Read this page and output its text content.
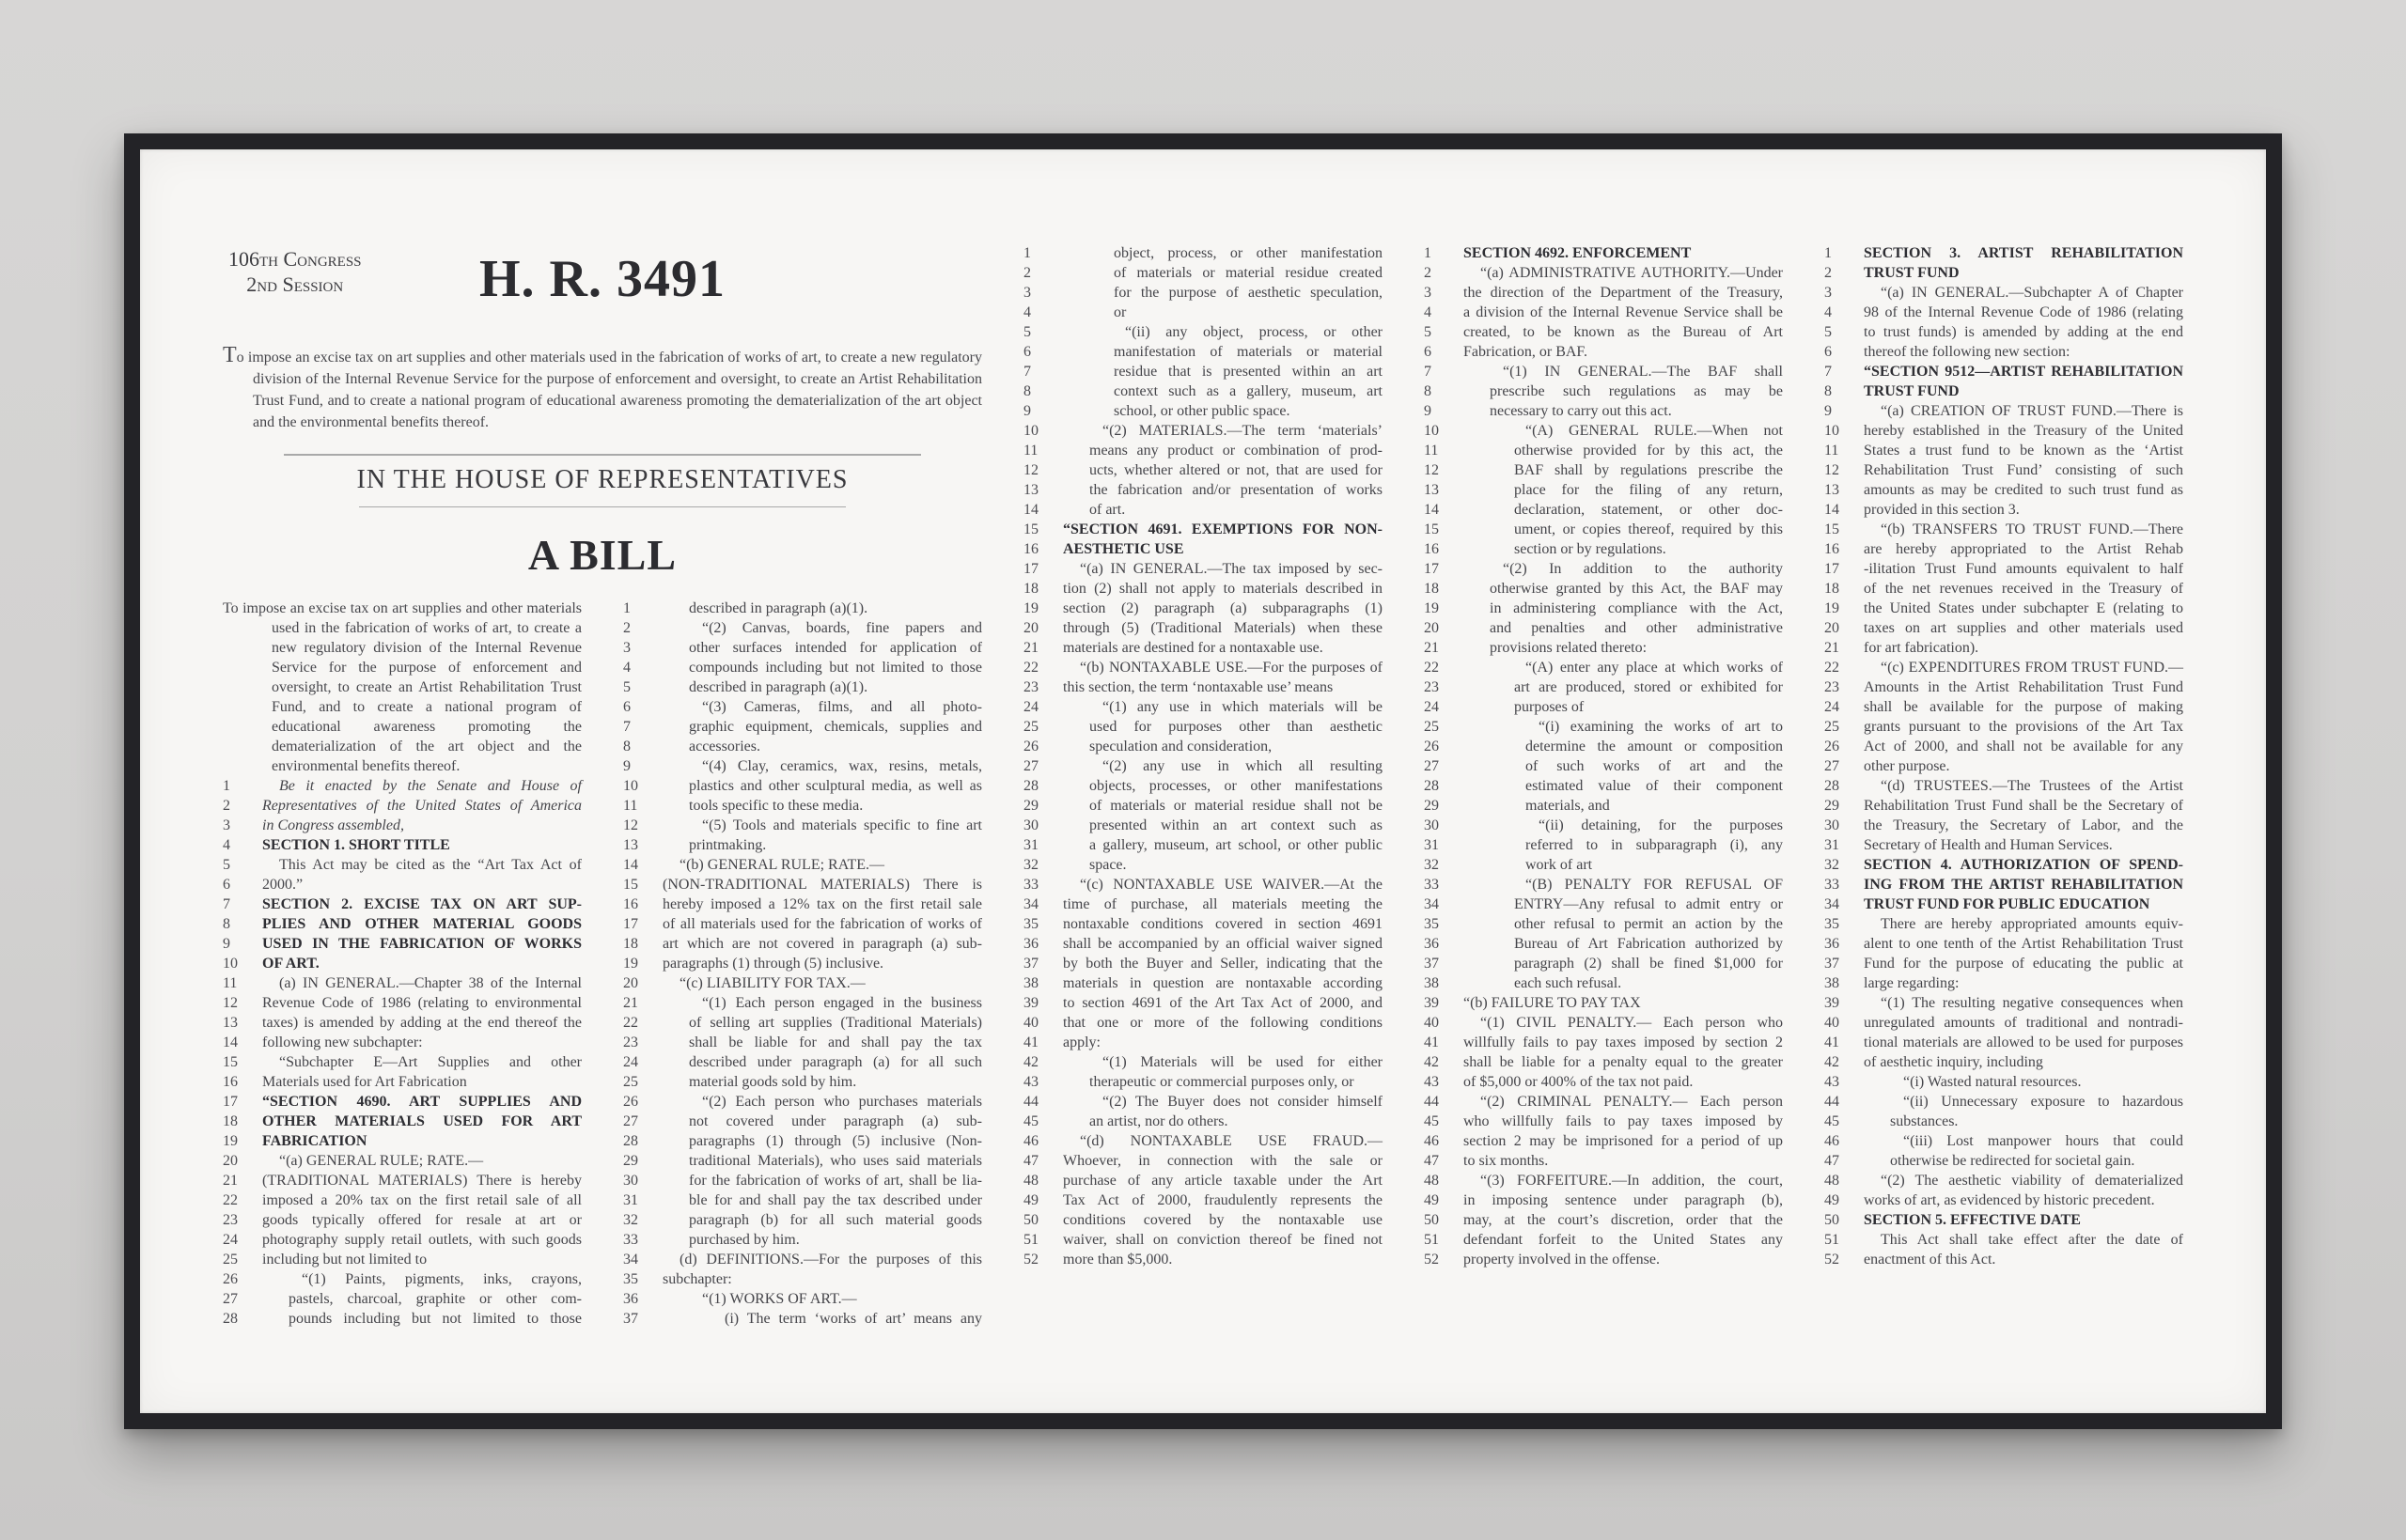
106th Congress
2nd Session	H. R. 3491

To impose an excise tax on art supplies and other materials used in the fabrication of works of art, to create a new regulatory division of the Internal Revenue Service for the purpose of enforcement and oversight, to create an Artist Rehabilitation Trust Fund, and to create a national program of educational awareness promoting the dematerialization of the art object and the environmental benefits thereof.

IN THE HOUSE OF REPRESENTATIVES
A BILL

To impose an excise tax on art supplies and other materials used in the fabrication of works of art, to create a new regulatory division of the Internal Revenue Service for the purpose of enforcement and oversight, to create an Artist Rehabilitation Trust Fund, and to create a national program of educational awareness promoting the dematerialization of the art object and the environmental benefits thereof.

1	Be it enacted by the Senate and House of
2	Representatives of the United States of America
3	in Congress assembled,
4	SECTION 1. SHORT TITLE
5	This Act may be cited as the “Art Tax Act of
6	2000.”
7	SECTION 2. EXCISE TAX ON ART SUP-
8	PLIES AND OTHER MATERIAL GOODS
9	USED IN THE FABRICATION OF WORKS
10	OF ART.
11	(a) IN GENERAL.—Chapter 38 of the Internal
12	Revenue Code of 1986 (relating to environmental
13	taxes) is amended by adding at the end thereof the
14	following new subchapter:
15	“Subchapter E—Art Supplies and other
16	Materials used for Art Fabrication
17	“SECTION 4690. ART SUPPLIES AND
18	OTHER MATERIALS USED FOR ART
19	FABRICATION
20	“(a) GENERAL RULE; RATE.—
21	(TRADITIONAL MATERIALS) There is hereby
22	imposed a 20% tax on the first retail sale of all
23	goods typically offered for resale at art or
24	photography supply retail outlets, with such goods
25	including but not limited to
26	“(1) Paints, pigments, inks, crayons,
27	pastels, charcoal, graphite or other com-
28	pounds including but not limited to those
1	described in paragraph (a)(1).
2	“(2) Canvas, boards, fine papers and
3	other surfaces intended for application of
4	compounds including but not limited to those
5	described in paragraph (a)(1).
6	“(3) Cameras, films, and all photo-
7	graphic equipment, chemicals, supplies and
8	accessories.
9	“(4) Clay, ceramics, wax, resins, metals,
10	plastics and other sculptural media, as well as
11	tools specific to these media.
12	“(5) Tools and materials specific to fine art
13	printmaking.
14	“(b) GENERAL RULE; RATE.—
15	(NON-TRADITIONAL MATERIALS) There is
16	hereby imposed a 12% tax on the first retail sale
17	of all materials used for the fabrication of works of
18	art which are not covered in paragraph (a) sub-
19	paragraphs (1) through (5) inclusive.
20	“(c) LIABILITY FOR TAX.—
21	“(1) Each person engaged in the business
22	of selling art supplies (Traditional Materials)
23	shall be liable for and shall pay the tax
24	described under paragraph (a) for all such
25	material goods sold by him.
26	“(2) Each person who purchases materials
27	not covered under paragraph (a) sub-
28	paragraphs (1) through (5) inclusive (Non-
29	traditional Materials), who uses said materials
30	for the fabrication of works of art, shall be lia-
31	ble for and shall pay the tax described under
32	paragraph (b) for all such material goods
33	purchased by him.
34	(d) DEFINITIONS.—For the purposes of this
35	subchapter:
36	“(1) WORKS OF ART.—
37	(i) The term ‘works of art’ means any
1	object, process, or other manifestation
2	of materials or material residue created
3	for the purpose of aesthetic speculation,
4	or
5	“(ii) any object, process, or other
6	manifestation of materials or material
7	residue that is presented within an art
8	context such as a gallery, museum, art
9	school, or other public space.
10	“(2) MATERIALS.—The term ‘materials’
11	means any product or combination of prod-
12	ucts, whether altered or not, that are used for
13	the fabrication and/or presentation of works
14	of art.
15	“SECTION 4691. EXEMPTIONS FOR NON-
16	AESTHETIC USE
17	“(a) IN GENERAL.—The tax imposed by sec-
18	tion (2) shall not apply to materials described in
19	section (2) paragraph (a) subparagraphs (1)
20	through (5) (Traditional Materials) when these
21	materials are destined for a nontaxable use.
22	“(b) NONTAXABLE USE.—For the purposes of
23	this section, the term ‘nontaxable use’ means
24	“(1) any use in which materials will be
25	used for purposes other than aesthetic
26	speculation and consideration,
27	“(2) any use in which all resulting
28	objects, processes, or other manifestations
29	of materials or material residue shall not be
30	presented within an art context such as
31	a gallery, museum, art school, or other public
32	space.
33	“(c) NONTAXABLE USE WAIVER.—At the
34	time of purchase, all materials meeting the
35	nontaxable conditions covered in section 4691
36	shall be accompanied by an official waiver signed
37	by both the Buyer and Seller, indicating that the
38	materials in question are nontaxable according
39	to section 4691 of the Art Tax Act of 2000, and
40	that one or more of the following conditions
41	apply:
42	“(1) Materials will be used for either
43	therapeutic or commercial purposes only, or
44	“(2) The Buyer does not consider himself
45	an artist, nor do others.
46	“(d) NONTAXABLE USE FRAUD.—
47	Whoever, in connection with the sale or
48	purchase of any article taxable under the Art
49	Tax Act of 2000, fraudulently represents the
50	conditions covered by the nontaxable use
51	waiver, shall on conviction thereof be fined not
52	more than $5,000.
1	SECTION 4692. ENFORCEMENT
2	“(a) ADMINISTRATIVE AUTHORITY.—Under
3	the direction of the Department of the Treasury,
4	a division of the Internal Revenue Service shall be
5	created, to be known as the Bureau of Art
6	Fabrication, or BAF.
7	“(1) IN GENERAL.—The BAF shall
8	prescribe such regulations as may be
9	necessary to carry out this act.
10	“(A) GENERAL RULE.—When not
11	otherwise provided for by this act, the
12	BAF shall by regulations prescribe the
13	place for the filing of any return,
14	declaration, statement, or other doc-
15	ument, or copies thereof, required by this
16	section or by regulations.
17	“(2) In addition to the authority
18	otherwise granted by this Act, the BAF may
19	in administering compliance with the Act,
20	and penalties and other administrative
21	provisions related thereto:
22	“(A) enter any place at which works of
23	art are produced, stored or exhibited for
24	purposes of
25	“(i) examining the works of art to
26	determine the amount or composition
27	of such works of art and the
28	estimated value of their component
29	materials, and
30	“(ii) detaining, for the purposes
31	referred to in subparagraph (i), any
32	work of art
33	“(B) PENALTY FOR REFUSAL OF
34	ENTRY—Any refusal to admit entry or
35	other refusal to permit an action by the
36	Bureau of Art Fabrication authorized by
37	paragraph (2) shall be fined $1,000 for
38	each such refusal.
39	“(b) FAILURE TO PAY TAX
40	“(1) CIVIL PENALTY.— Each person who
41	willfully fails to pay taxes imposed by section 2
42	shall be liable for a penalty equal to the greater
43	of $5,000 or 400% of the tax not paid.
44	“(2) CRIMINAL PENALTY.— Each person
45	who willfully fails to pay taxes imposed by
46	section 2 may be imprisoned for a period of up
47	to six months.
48	“(3) FORFEITURE.—In addition, the court,
49	in imposing sentence under paragraph (b),
50	may, at the court’s discretion, order that the
51	defendant forfeit to the United States any
52	property involved in the offense.
1	SECTION 3. ARTIST REHABILITATION
2	TRUST FUND
3	“(a) IN GENERAL.—Subchapter A of Chapter
4	98 of the Internal Revenue Code of 1986 (relating
5	to trust funds) is amended by adding at the end
6	thereof the following new section:
7	“SECTION 9512—ARTIST REHABILITATION
8	TRUST FUND
9	“(a) CREATION OF TRUST FUND.—There is
10	hereby established in the Treasury of the United
11	States a trust fund to be known as the ‘Artist
12	Rehabilitation Trust Fund’ consisting of such
13	amounts as may be credited to such trust fund as
14	provided in this section 3.
15	“(b) TRANSFERS TO TRUST FUND.—There
16	are hereby appropriated to the Artist Rehab
17	-ilitation Trust Fund amounts equivalent to half
18	of the net revenues received in the Treasury of
19	the United States under subchapter E (relating to
20	taxes on art supplies and other materials used
21	for art fabrication).
22	“(c) EXPENDITURES FROM TRUST FUND.—
23	Amounts in the Artist Rehabilitation Trust Fund
24	shall be available for the purpose of making
25	grants pursuant to the provisions of the Art Tax
26	Act of 2000, and shall not be available for any
27	other purpose.
28	“(d) TRUSTEES.—The Trustees of the Artist
29	Rehabilitation Trust Fund shall be the Secretary of
30	the Treasury, the Secretary of Labor, and the
31	Secretary of Health and Human Services.
32	SECTION 4. AUTHORIZATION OF SPEND-
33	ING FROM THE ARTIST REHABILITATION
34	TRUST FUND FOR PUBLIC EDUCATION
35	There are hereby appropriated amounts equiv-
36	alent to one tenth of the Artist Rehabilitation Trust
37	Fund for the purpose of educating the public at
38	large regarding:
39	“(1) The resulting negative consequences when
40	unregulated amounts of traditional and nontradi-
41	tional materials are allowed to be used for purposes
42	of aesthetic inquiry, including
43	“(i) Wasted natural resources.
44	“(ii) Unnecessary exposure to hazardous
45	substances.
46	“(iii) Lost manpower hours that could
47	otherwise be redirected for societal gain.
48	“(2) The aesthetic viability of dematerialized
49	works of art, as evidenced by historic precedent.
50	SECTION 5. EFFECTIVE DATE
51	This Act shall take effect after the date of
52	enactment of this Act.
